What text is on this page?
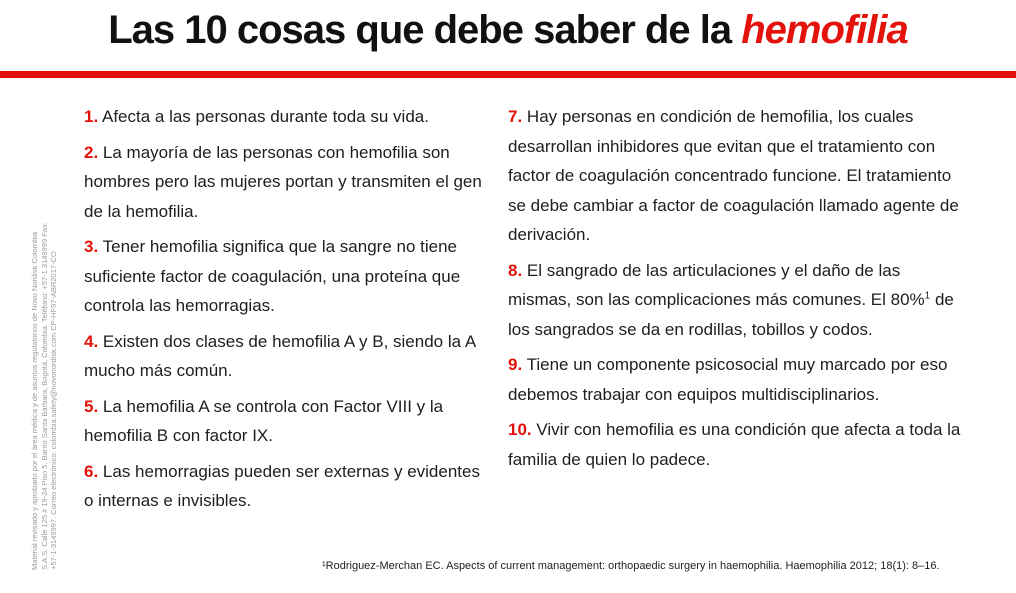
Las 10 cosas que debe saber de la hemofilia
Material revisado y aprobado por el área médica y de asuntos regulatorios de Novo Nordisk Colombia S.A.S. Calle 125 # 19-24 Piso 5. Barrio Santa Bárbara, Bogotá, Colombia. Teléfono: +57-1 3149999 Fax: +57-1-3149997. Correo electrónico: colombia.safety@novonordisk.com CP-HF97-ABR2017-CO
1. Afecta a las personas durante toda su vida.
2. La mayoría de las personas con hemofilia son hombres pero las mujeres portan y transmiten el gen de la hemofilia.
3. Tener hemofilia significa que la sangre no tiene suficiente factor de coagulación, una proteína que controla las hemorragias.
4. Existen dos clases de hemofilia A y B, siendo la A mucho más común.
5. La hemofilia A se controla con Factor VIII y la hemofilia B con factor IX.
6. Las hemorragias pueden ser externas y evidentes o internas e invisibles.
7. Hay personas en condición de hemofilia, los cuales desarrollan inhibidores que evitan que el tratamiento con factor de coagulación concentrado funcione. El tratamiento se debe cambiar a factor de coagulación llamado agente de derivación.
8. El sangrado de las articulaciones y el daño de las mismas, son las complicaciones más comunes. El 80%$^1$ de los sangrados se da en rodillas, tobillos y codos.
9. Tiene un componente psicosocial muy marcado por eso debemos trabajar con equipos multidisciplinarios.
10. Vivir con hemofilia es una condición que afecta a toda la familia de quien lo padece.
¹Rodriguez-Merchan EC. Aspects of current management: orthopaedic surgery in haemophilia. Haemophilia 2012; 18(1): 8–16.
